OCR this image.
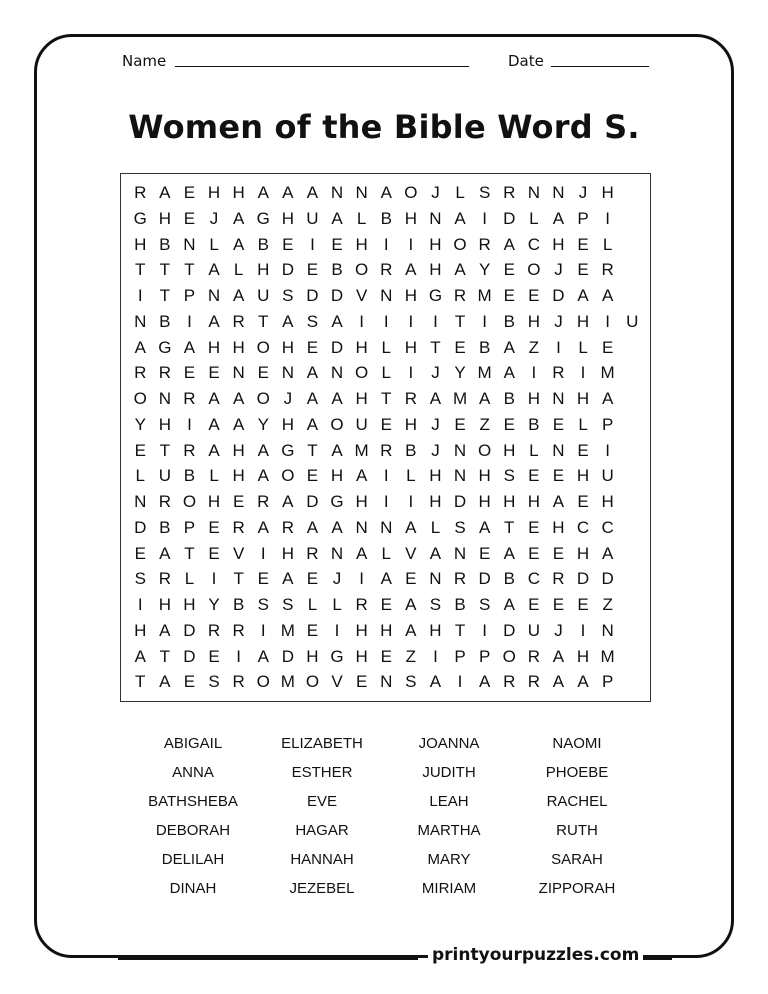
Name	Date
Women of the Bible Word S.
R A E H H A A A N N A O J L S R N N J H
G H E J A G H U A L B H N A I D L A P I
H B N L A B E I E H I	I H O R A C H E L
T T T A L H D E B O R A H A Y E O J E R
I	T P N A U S D D V N H G R M E E D A A
N B I A R T A S A I	I	I	I	T	I B H J H I U
A G A H H O H E D H L H T E B A Z	I	L E
R R E E N E N A N O L	I	J Y M A I R I M
O N R A A O J A A H T R A M A B H N H A
Y H I A A Y H A O U E H J E Z E B E L P
E T R A H A G T A M R B J N O H L N E I
L U B L H A O E H A I	L H N H S E E H U
N R O H E R A D G H I	I H D H H H A E H
D B P E R A R A A N N A L S A T E H C C
E A T E V I H R N A L V A N E A E E H A
S R L	I	T E A E J	I A E N R D B C R D D
I H H Y B S S L L R E A S B S A E E E Z
H A D R R I M E I H H A H T	I D U J	I N
A T D E I A D H G H E Z	I P P O R A H M
T A E S R O M O V E N S A I A R R A A P
ABIGAIL	ELIZABETH	JOANNA	NAOMI
ANNA	ESTHER	JUDITH	PHOEBE
BATHSHEBA	EVE	LEAH	RACHEL
DEBORAH	HAGAR	MARTHA	RUTH
DELILAH	HANNAH	MARY	SARAH
DINAH	JEZEBEL	MIRIAM	ZIPPORAH
printyourpuzzles.com
